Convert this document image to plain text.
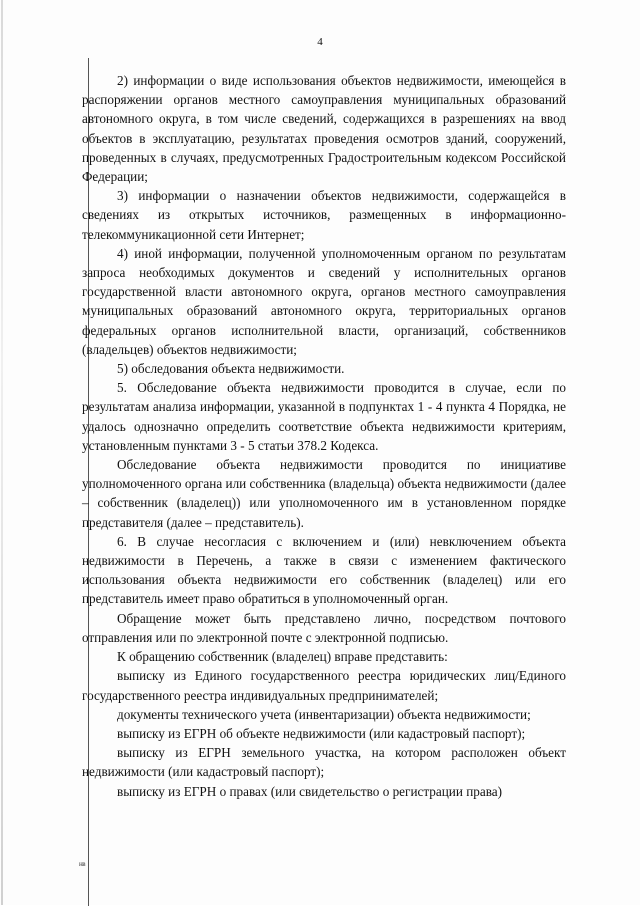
4

2) информации о виде использования объектов недвижимости, имеющейся в распоряжении органов местного самоуправления муниципальных образований автономного округа, в том числе сведений, содержащихся в разрешениях на ввод объектов в эксплуатацию, результатах проведения осмотров зданий, сооружений, проведенных в случаях, предусмотренных Градостроительным кодексом Российской Федерации;

3) информации о назначении объектов недвижимости, содержащейся в сведениях из открытых источников, размещенных в информационно-телекоммуникационной сети Интернет;

4) иной информации, полученной уполномоченным органом по результатам запроса необходимых документов и сведений у исполнительных органов государственной власти автономного округа, органов местного самоуправления муниципальных образований автономного округа, территориальных органов федеральных органов исполнительной власти, организаций, собственников (владельцев) объектов недвижимости;

5) обследования объекта недвижимости.

5. Обследование объекта недвижимости проводится в случае, если по результатам анализа информации, указанной в подпунктах 1 - 4 пункта 4 Порядка, не удалось однозначно определить соответствие объекта недвижимости критериям, установленным пунктами 3 - 5 статьи 378.2 Кодекса.

Обследование объекта недвижимости проводится по инициативе уполномоченного органа или собственника (владельца) объекта недвижимости (далее – собственник (владелец)) или уполномоченного им в установленном порядке представителя (далее – представитель).

6. В случае несогласия с включением и (или) невключением объекта недвижимости в Перечень, а также в связи с изменением фактического использования объекта недвижимости его собственник (владелец) или его представитель имеет право обратиться в уполномоченный орган.

Обращение может быть представлено лично, посредством почтового отправления или по электронной почте с электронной подписью.

К обращению собственник (владелец) вправе представить:

выписку из Единого государственного реестра юридических лиц/Единого государственного реестра индивидуальных предпринимателей;

документы технического учета (инвентаризации) объекта недвижимости;

выписку из ЕГРН об объекте недвижимости (или кадастровый паспорт);

выписку из ЕГРН земельного участка, на котором расположен объект недвижимости (или кадастровый паспорт);

выписку из ЕГРН о правах (или свидетельство о регистрации права)

нв
